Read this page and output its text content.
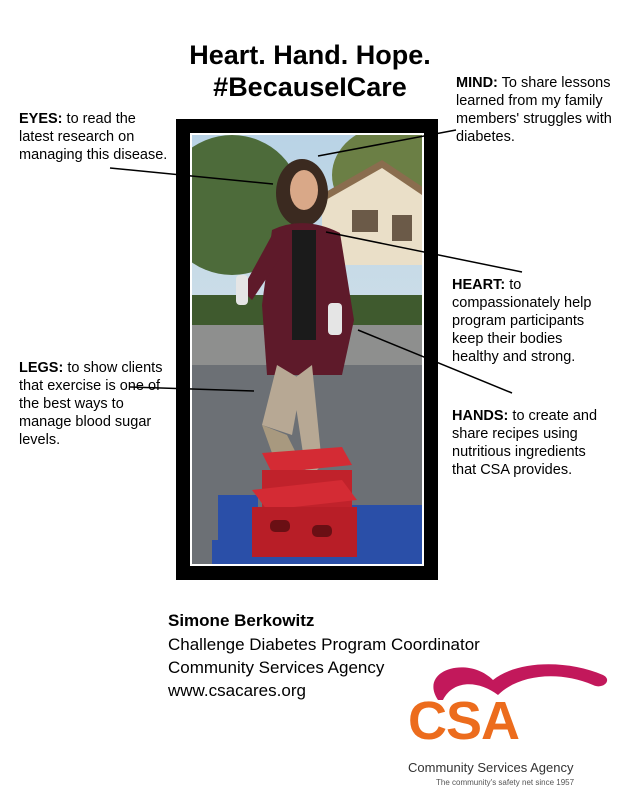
Heart. Hand. Hope.
#BecauseICare
EYES: to read the latest research on managing this disease.
MIND: To share lessons learned from my family members' struggles with diabetes.
HEART: to compassionately help program participants keep their bodies healthy and strong.
LEGS: to show clients that exercise is one of the best ways to manage blood sugar levels.
HANDS: to create and share recipes using nutritious ingredients that CSA provides.
Simone Berkowitz
Challenge Diabetes Program Coordinator
Community Services Agency
www.csacares.org
CSA
Community Services Agency
The community's safety net since 1957
